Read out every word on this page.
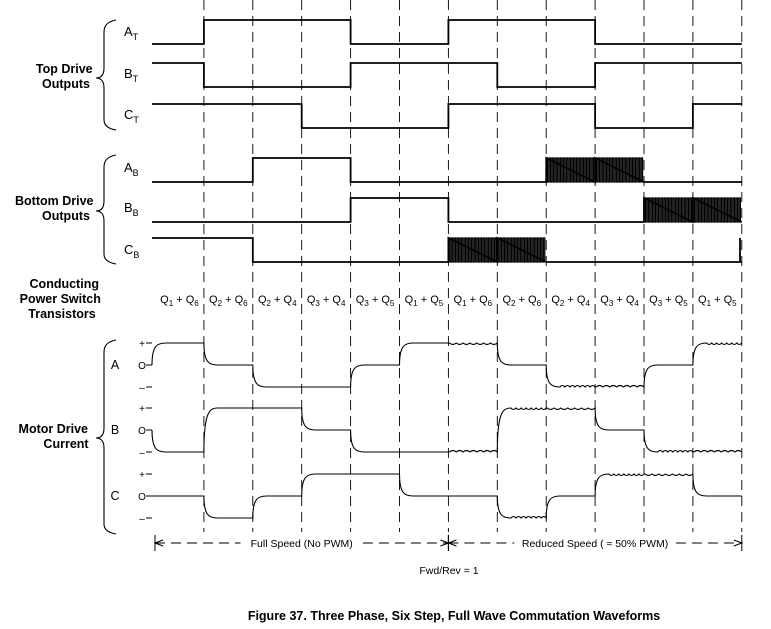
Top Drive Outputs
Bottom Drive Outputs
Conducting Power Switch Transistors
Motor Drive Current
$A_T$
$B_T$
$C_T$
$A_B$
$B_B$
$C_B$
$Q_1 + Q_6$ $Q_2 + Q_6$ $Q_2 + Q_4$ $Q_3 + Q_4$ $Q_3 + Q_5$ $Q_1 + Q_5$ $Q_1 + Q_6$ $Q_2 + Q_6$ $Q_2 + Q_4$ $Q_3 + Q_4$ $Q_3 + Q_5$ $Q_1 + Q_5$
A
+
O
–
B
+
O
–
C
+
O
–
Full Speed (No PWM)	Reduced Speed ( ≈ 50% PWM)
Fwd/Rev = 1
Figure 37. Three Phase, Six Step, Full Wave Commutation Waveforms
